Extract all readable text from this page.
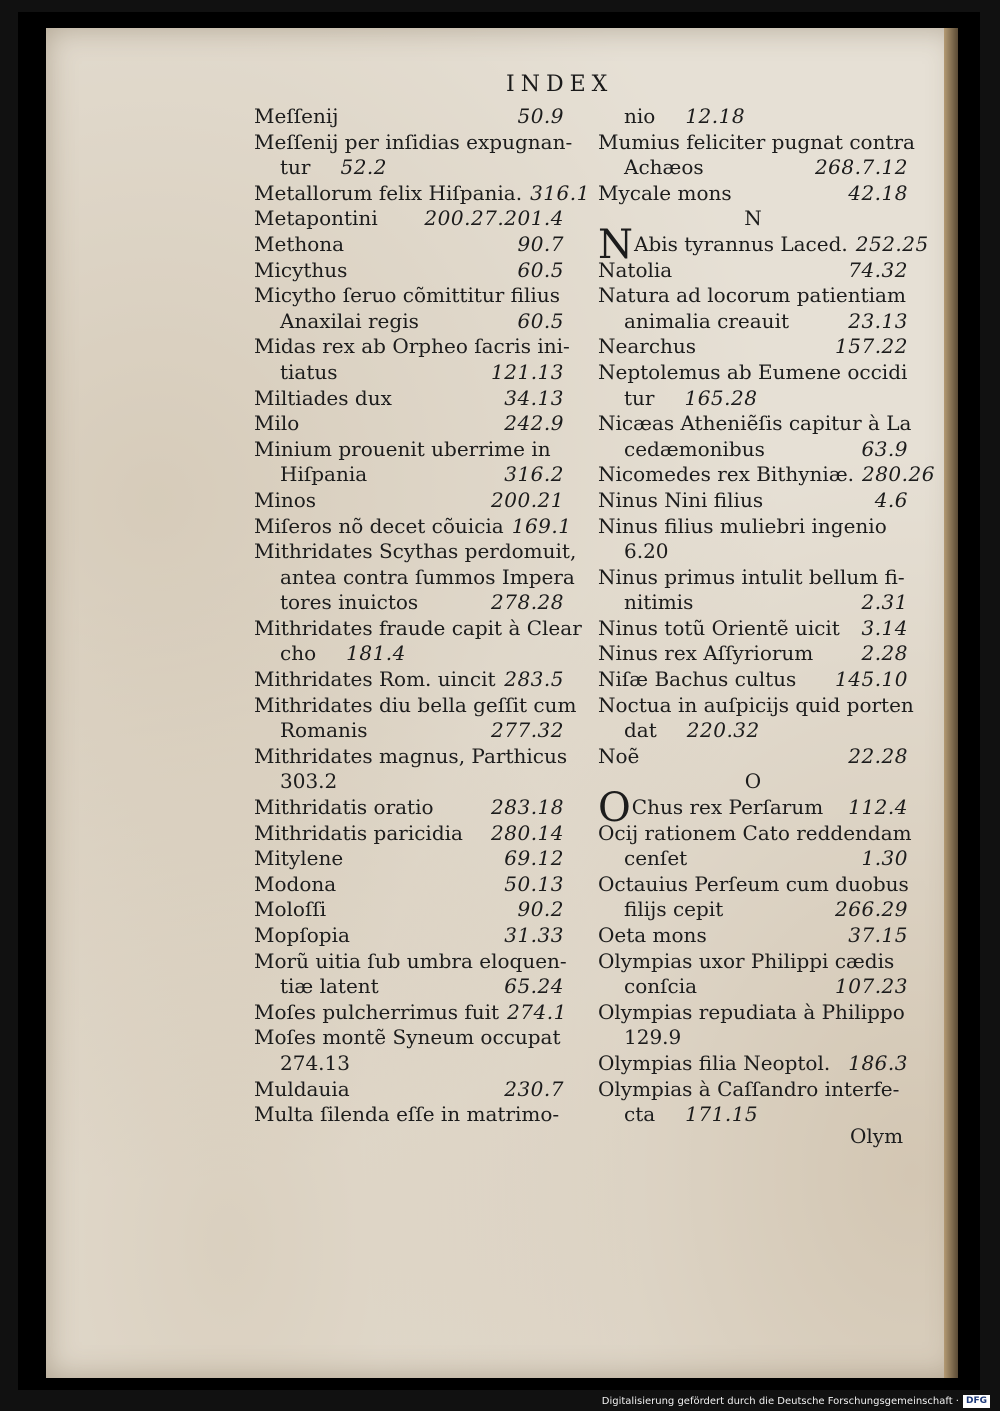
INDEX
Meſſenij	50.9
Meſſenij per inſidias expugnan-
tur	52.2
Metallorum felix Hiſpania. 316.1
Metapontini	200.27.201.4
Methona	90.7
Micythus	60.5
Micytho ſeruo cõmittitur filius
Anaxilai regis	60.5
Midas rex ab Orpheo ſacris ini-
tiatus	121.13
Miltiades dux	34.13
Milo	242.9
Minium prouenit uberrime in
Hiſpania	316.2
Minos	200.21
Miſeros nõ decet cõuicia 169.1
Mithridates Scythas perdomuit,
antea contra ſummos Impera
tores inuictos	278.28
Mithridates fraude capit à Clear
cho	181.4
Mithridates Rom. uincit 283.5
Mithridates diu bella geſſit cum
Romanis	277.32
Mithridates magnus, Parthicus
303.2
Mithridatis oratio	283.18
Mithridatis paricidia	280.14
Mitylene	69.12
Modona	50.13
Moloſſi	90.2
Mopſopia	31.33
Morũ uitia ſub umbra eloquen-
tiæ latent	65.24
Moſes pulcherrimus fuit 274.1
Moſes montẽ Syneum occupat
274.13
Muldauia	230.7
Multa ſilenda eſſe in matrimo-
nio	12.18
Mumius feliciter pugnat contra
Achæos	268.7.12
Mycale mons	42.18
N
NAbis tyrannus Laced. 252.25
Natolia	74.32
Natura ad locorum patientiam
animalia creauit	23.13
Nearchus	157.22
Neptolemus ab Eumene occidi
tur	165.28
Nicæas Atheniẽſis capitur à La
cedæmonibus	63.9
Nicomedes rex Bithyniæ. 280.26
Ninus Nini filius	4.6
Ninus filius muliebri ingenio
6.20
Ninus primus intulit bellum fi-
nitimis	2.31
Ninus totũ Orientẽ uicit	3.14
Ninus rex Aſſyriorum	2.28
Niſæ Bachus cultus	145.10
Noctua in auſpicijs quid porten
dat	220.32
Noẽ	22.28
O
OChus rex Perſarum	112.4
Ocij rationem Cato reddendam
cenſet	1.30
Octauius Perſeum cum duobus
filijs cepit	266.29
Oeta mons	37.15
Olympias uxor Philippi cædis
conſcia	107.23
Olympias repudiata à Philippo
129.9
Olympias filia Neoptol. 186.3
Olympias à Caſſandro interfe-
cta	171.15
Olym
Digitalisierung gefördert durch die Deutsche Forschungsgemeinschaft · DFG
